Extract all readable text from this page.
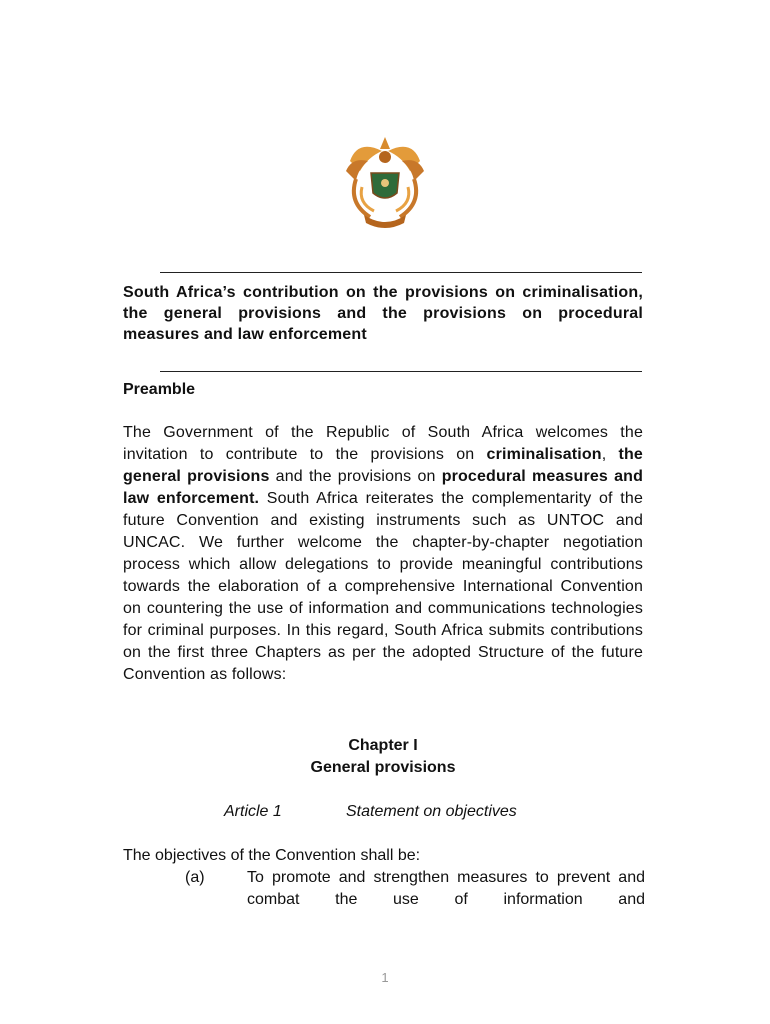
South Africa’s contribution on the provisions on criminalisation, the general provisions and the provisions on procedural measures and law enforcement
Preamble
The Government of the Republic of South Africa welcomes the invitation to contribute to the provisions on criminalisation, the general provisions and the provisions on procedural measures and law enforcement. South Africa reiterates the complementarity of the future Convention and existing instruments such as UNTOC and UNCAC. We further welcome the chapter-by-chapter negotiation process which allow delegations to provide meaningful contributions towards the elaboration of a comprehensive International Convention on countering the use of information and communications technologies for criminal purposes. In this regard, South Africa submits contributions on the first three Chapters as per the adopted Structure of the future Convention as follows:
Chapter I
General provisions
Article 1	Statement on objectives
The objectives of the Convention shall be:
(a)	To promote and strengthen measures to prevent and combat the use of information and
1
